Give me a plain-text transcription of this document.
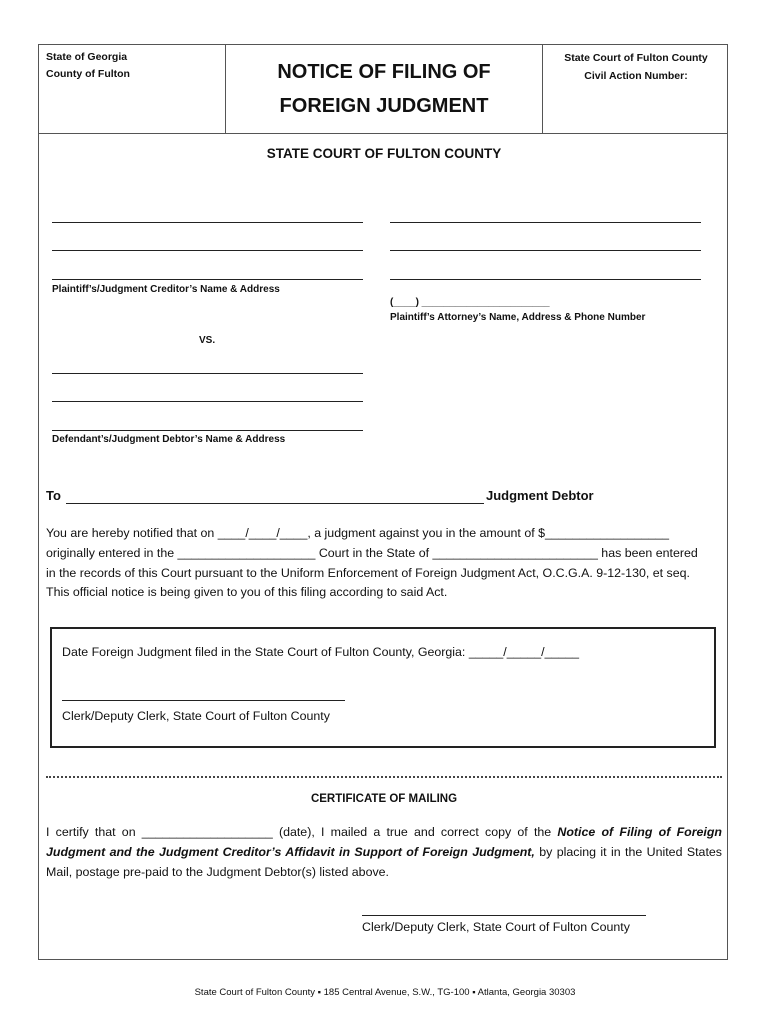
State of Georgia
County of Fulton	NOTICE OF FILING OF
FOREIGN JUDGMENT
State Court of Fulton County
Civil Action Number:
STATE COURT OF FULTON COUNTY
Plaintiff’s/Judgment Creditor’s Name & Address
(____) _______________________
Plaintiff’s Attorney’s Name, Address & Phone Number
VS.
Defendant’s/Judgment Debtor’s Name & Address
To	Judgment Debtor
You are hereby notified that on ____/____/____, a judgment against you in the amount of $__________________
originally entered in the ____________________ Court in the State of ________________________ has been entered
in the records of this Court pursuant to the Uniform Enforcement of Foreign Judgment Act, O.C.G.A. 9-12-130, et seq.
This official notice is being given to you of this filing according to said Act.
Date Foreign Judgment filed in the State Court of Fulton County, Georgia: _____/_____/_____
Clerk/Deputy Clerk, State Court of Fulton County
CERTIFICATE OF MAILING
I certify that on ___________________ (date), I mailed a true and correct copy of the Notice of Filing of Foreign Judgment and the Judgment Creditor’s Affidavit in Support of Foreign Judgment, by placing it in the United States Mail, postage pre-paid to the Judgment Debtor(s) listed above.
Clerk/Deputy Clerk, State Court of Fulton County
State Court of Fulton County ▪ 185 Central Avenue, S.W., TG-100 ▪ Atlanta, Georgia 30303
